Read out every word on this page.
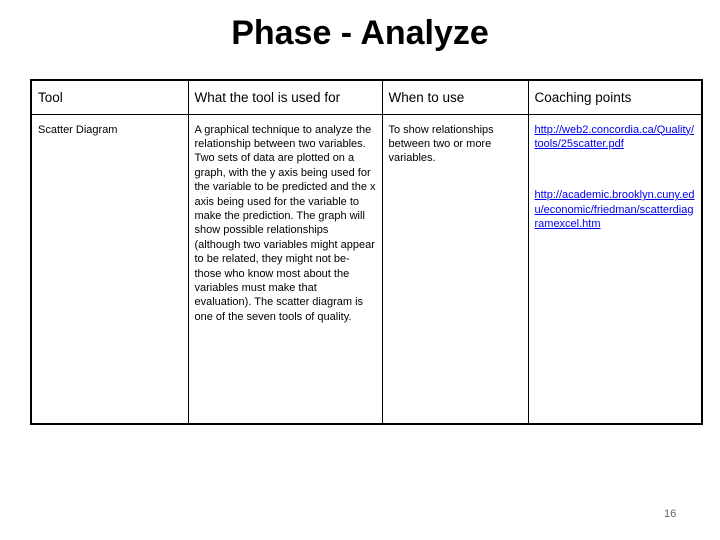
Phase - Analyze
Tool	What the tool is used for	When to use	Coaching points
Scatter Diagram	A graphical technique to analyze the relationship between two variables. Two sets of data are plotted on a graph, with the y axis being used for the variable to be predicted and the x axis being used for the variable to make the prediction. The graph will show possible relationships (although two variables might appear to be related, they might not be-those who know most about the variables must make that evaluation). The scatter diagram is one of the seven tools of quality.	To show relationships between two or more variables.	http://web2.concordia.ca/Quality/tools/25scatter.pdf
http://academic.brooklyn.cuny.edu/economic/friedman/scatterdiagramexcel.htm
16
